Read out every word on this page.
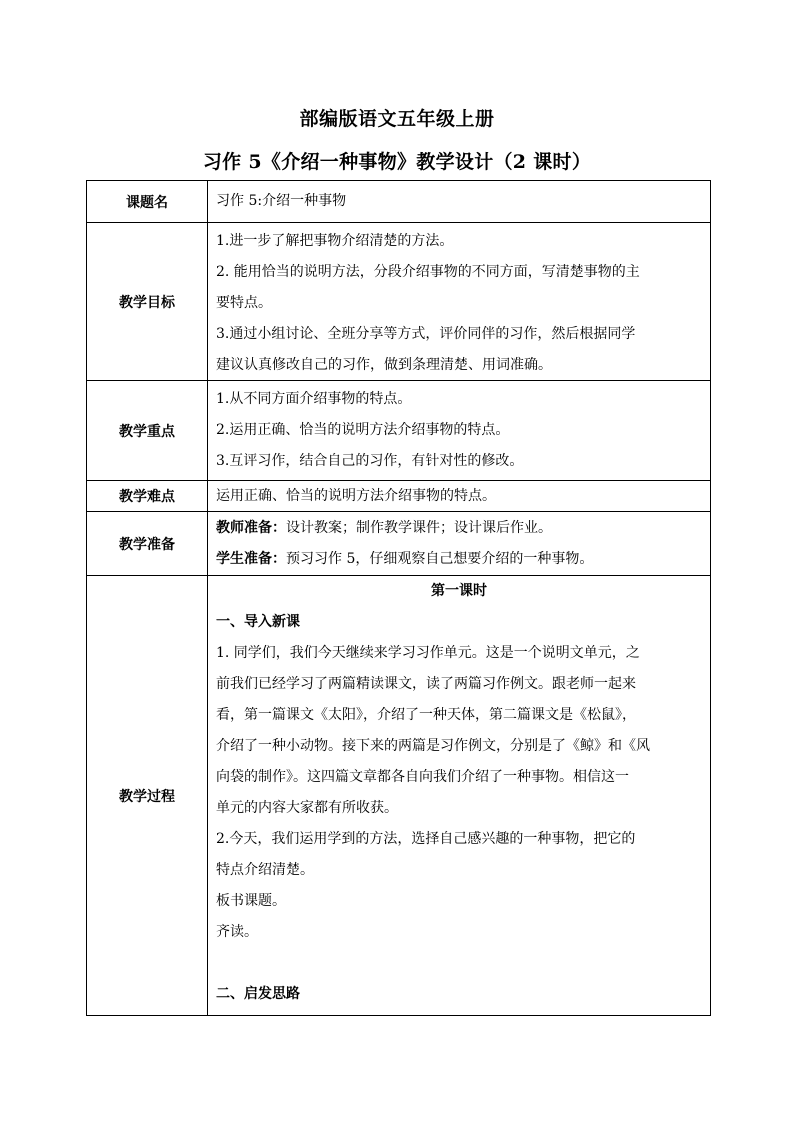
部编版语文五年级上册
习作 5《介绍一种事物》教学设计（2 课时）
课题名	习作 5:介绍一种事物

教学目标

1.进一步了解把事物介绍清楚的方法。

2. 能用恰当的说明方法，分段介绍事物的不同方面，写清楚事物的主

要特点。

3.通过小组讨论、全班分享等方式，评价同伴的习作，然后根据同学

建议认真修改自己的习作，做到条理清楚、用词准确。

教学重点

1.从不同方面介绍事物的特点。

2.运用正确、恰当的说明方法介绍事物的特点。

3.互评习作，结合自己的习作，有针对性的修改。

教学难点	运用正确、恰当的说明方法介绍事物的特点。

教学准备

教师准备：设计教案；制作教学课件；设计课后作业。

学生准备：预习习作 5，仔细观察自己想要介绍的一种事物。

教学过程

第一课时

一、导入新课

1. 同学们，我们今天继续来学习习作单元。这是一个说明文单元，之

前我们已经学习了两篇精读课文，读了两篇习作例文。跟老师一起来

看，第一篇课文《太阳》，介绍了一种天体，第二篇课文是《松鼠》，

介绍了一种小动物。接下来的两篇是习作例文，分别是了《鲸》和《风

向袋的制作》。这四篇文章都各自向我们介绍了一种事物。相信这一

单元的内容大家都有所收获。

2.今天，我们运用学到的方法，选择自己感兴趣的一种事物，把它的

特点介绍清楚。

板书课题。

齐读。

二、启发思路
